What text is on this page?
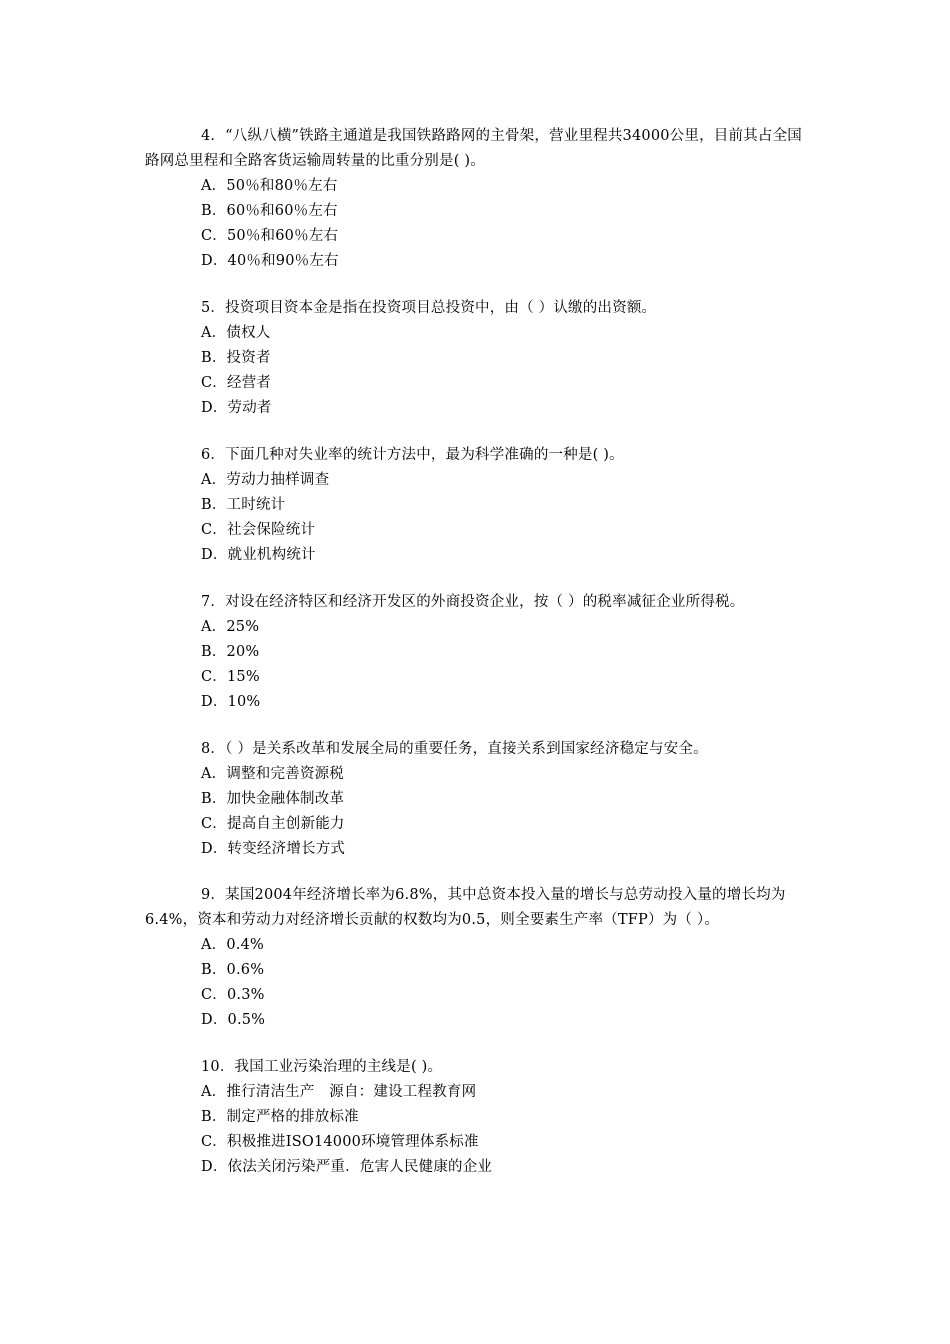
4．“八纵八横”铁路主通道是我国铁路路网的主骨架，营业里程共34000公里，目前其占全国路网总里程和全路客货运输周转量的比重分别是( )。

A．50％和80％左右
B．60％和60％左右
C．50％和60％左右
D．40％和90％左右

5．投资项目资本金是指在投资项目总投资中，由（ ）认缴的出资额。

A．债权人
B．投资者
C．经营者
D．劳动者

6．下面几种对失业率的统计方法中，最为科学准确的一种是( )。

A．劳动力抽样调查
B．工时统计
C．社会保险统计
D．就业机构统计

7．对设在经济特区和经济开发区的外商投资企业，按（ ）的税率减征企业所得税。

A．25%
B．20%
C．15%
D．10%

8．（ ）是关系改革和发展全局的重要任务，直接关系到国家经济稳定与安全。

A．调整和完善资源税
B．加快金融体制改革
C．提高自主创新能力
D．转变经济增长方式

9．某国2004年经济增长率为6.8%，其中总资本投入量的增长与总劳动投入量的增长均为6.4%，资本和劳动力对经济增长贡献的权数均为0.5，则全要素生产率（TFP）为（ ）。

A．0.4%
B．0.6%
C．0.3%
D．0.5%

10．我国工业污染治理的主线是( )。

A．推行清洁生产　源自：建设工程教育网
B．制定严格的排放标准
C．积极推进ISO14000环境管理体系标准
D．依法关闭污染严重．危害人民健康的企业
